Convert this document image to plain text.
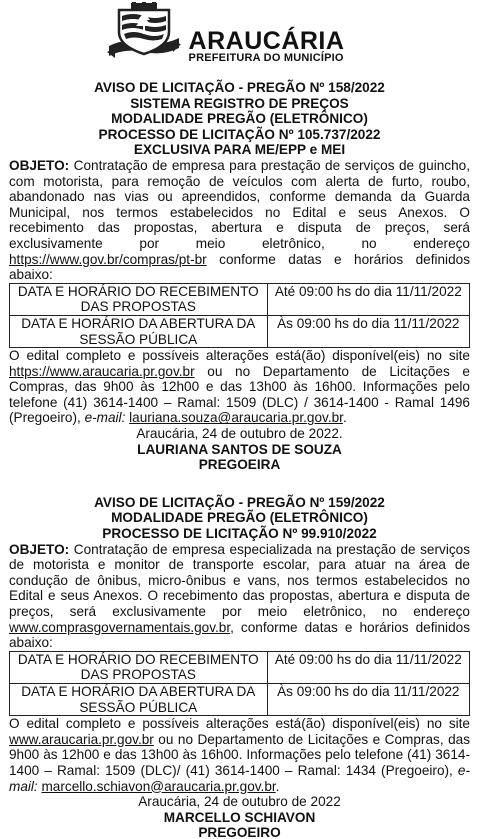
ARAUCÁRIA
PREFEITURA DO MUNICÍPIO
AVISO DE LICITAÇÃO - PREGÃO Nº 158/2022
SISTEMA REGISTRO DE PREÇOS
MODALIDADE PREGÃO (ELETRÔNICO)
PROCESSO DE LICITAÇÃO Nº 105.737/2022
EXCLUSIVA PARA ME/EPP e MEI

OBJETO: Contratação de empresa para prestação de serviços de guincho, com motorista, para remoção de veículos com alerta de furto, roubo, abandonado nas vias ou apreendidos, conforme demanda da Guarda Municipal, nos termos estabelecidos no Edital e seus Anexos. O recebimento das propostas, abertura e disputa de preços, será exclusivamente por meio eletrônico, no endereço https://www.gov.br/compras/pt-br conforme datas e horários definidos abaixo:

DATA E HORÁRIO DO RECEBIMENTO DAS PROPOSTAS	Até 09:00 hs do dia 11/11/2022
DATA E HORÁRIO DA ABERTURA DA SESSÃO PÚBLICA	Às 09:00 hs do dia 11/11/2022

O edital completo e possíveis alterações está(ão) disponível(eis) no site https://www.araucaria.pr.gov.br ou no Departamento de Licitações e Compras, das 9h00 às 12h00 e das 13h00 às 16h00. Informações pelo telefone (41) 3614-1400 – Ramal: 1509 (DLC) / 3614-1400 - Ramal 1496 (Pregoeiro), e-mail: lauriana.souza@araucaria.pr.gov.br.

Araucária, 24 de outubro de 2022.
LAURIANA SANTOS DE SOUZA
PREGOEIRA
AVISO DE LICITAÇÃO - PREGÃO Nº 159/2022
MODALIDADE PREGÃO (ELETRÔNICO)
PROCESSO DE LICITAÇÃO Nº 99.910/2022

OBJETO: Contratação de empresa especializada na prestação de serviços de motorista e monitor de transporte escolar, para atuar na área de condução de ônibus, micro-ônibus e vans, nos termos estabelecidos no Edital e seus Anexos. O recebimento das propostas, abertura e disputa de preços, será exclusivamente por meio eletrônico, no endereço www.comprasgovernamentais.gov.br, conforme datas e horários definidos abaixo:

DATA E HORÁRIO DO RECEBIMENTO DAS PROPOSTAS	Até 09:00 hs do dia 11/11/2022
DATA E HORÁRIO DA ABERTURA DA SESSÃO PÚBLICA	Às 09:00 hs do dia 11/11/2022

O edital completo e possíveis alterações está(ão) disponível(eis) no site www.araucaria.pr.gov.br ou no Departamento de Licitações e Compras, das 9h00 às 12h00 e das 13h00 às 16h00. Informações pelo telefone (41) 3614-1400 – Ramal: 1509 (DLC)/ (41) 3614-1400 – Ramal: 1434 (Pregoeiro), e-mail: marcello.schiavon@araucaria.pr.gov.br.

Araucária, 24 de outubro de 2022
MARCELLO SCHIAVON
PREGOEIRO
